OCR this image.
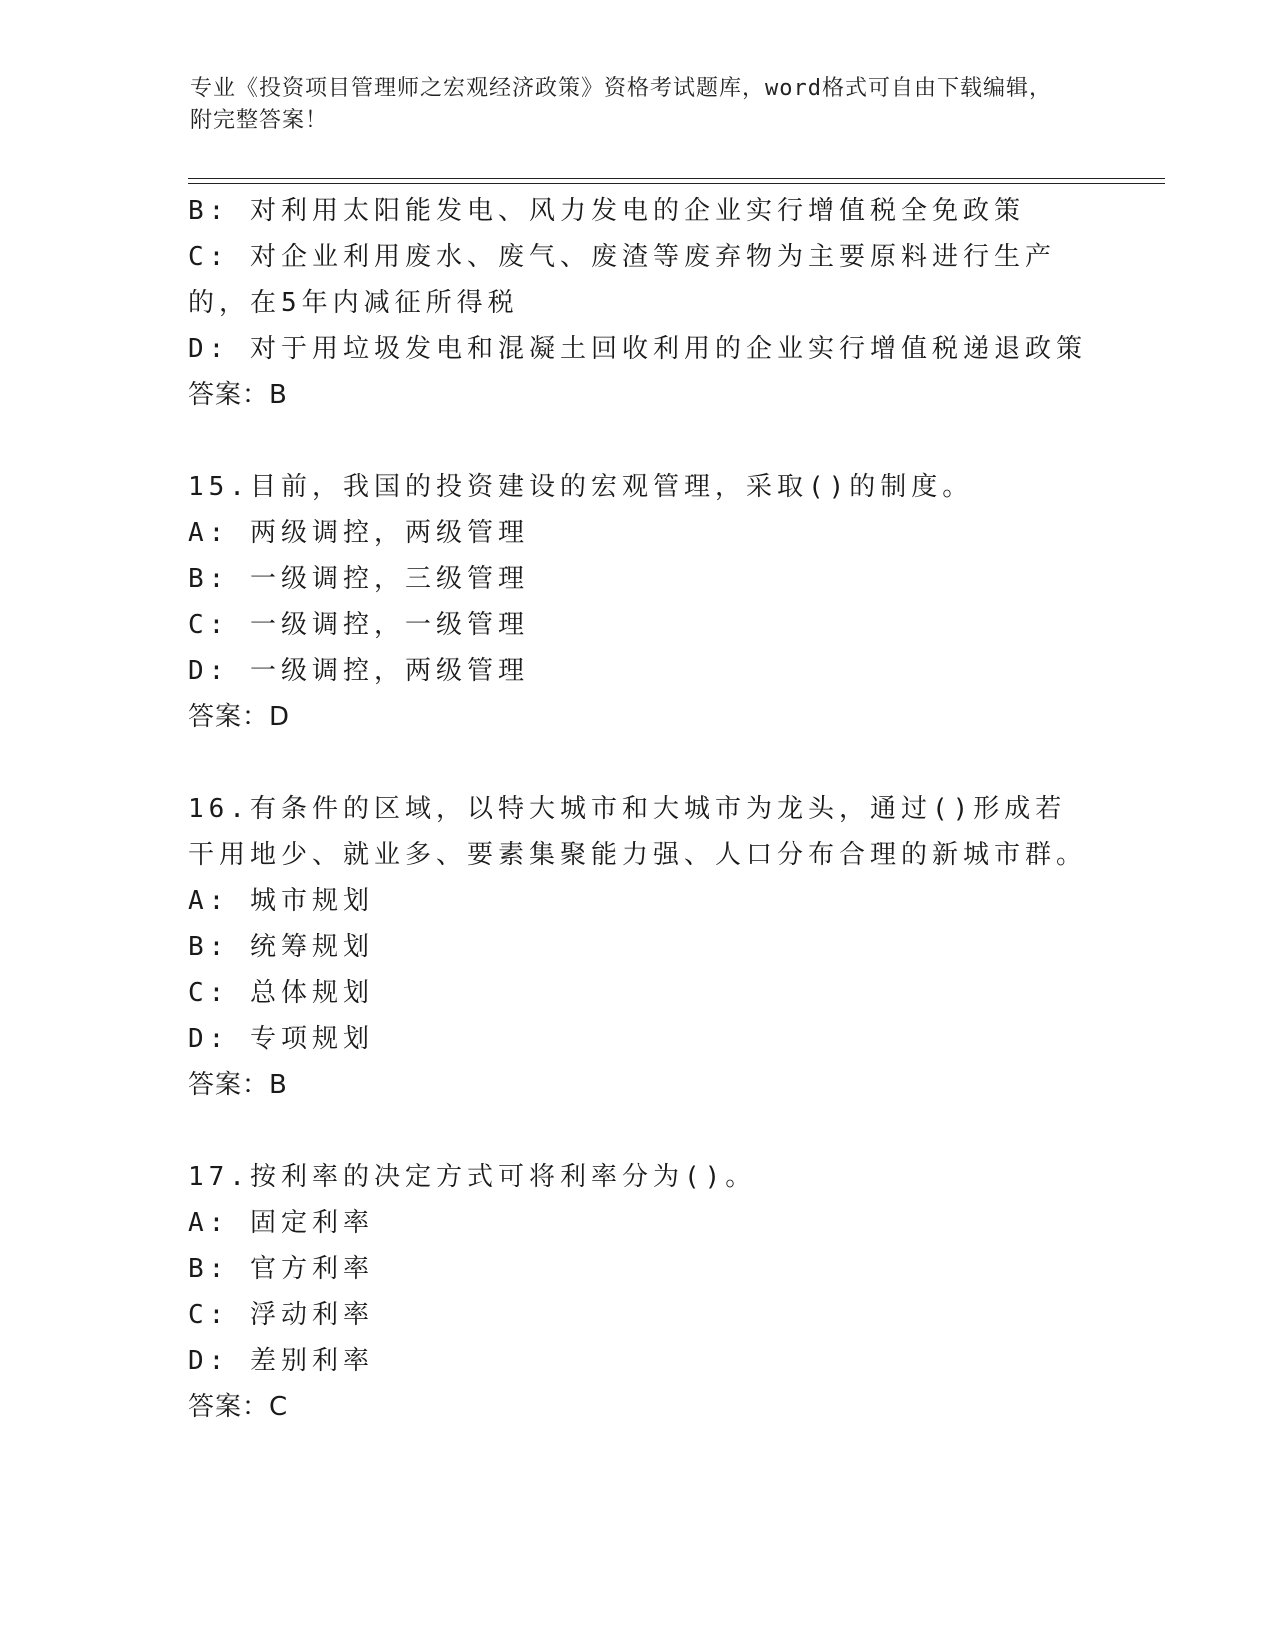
专业《投资项目管理师之宏观经济政策》资格考试题库，word格式可自由下载编辑，附完整答案！
B: 对利用太阳能发电、风力发电的企业实行增值税全免政策
C: 对企业利用废水、废气、废渣等废弃物为主要原料进行生产的，在5年内减征所得税
D: 对于用垃圾发电和混凝土回收利用的企业实行增值税递退政策
答案：B
15.目前，我国的投资建设的宏观管理，采取()的制度。
A: 两级调控，两级管理
B: 一级调控，三级管理
C: 一级调控，一级管理
D: 一级调控，两级管理
答案：D
16.有条件的区域，以特大城市和大城市为龙头，通过()形成若干用地少、就业多、要素集聚能力强、人口分布合理的新城市群。
A: 城市规划
B: 统筹规划
C: 总体规划
D: 专项规划
答案：B
17.按利率的决定方式可将利率分为()。
A: 固定利率
B: 官方利率
C: 浮动利率
D: 差别利率
答案：C
